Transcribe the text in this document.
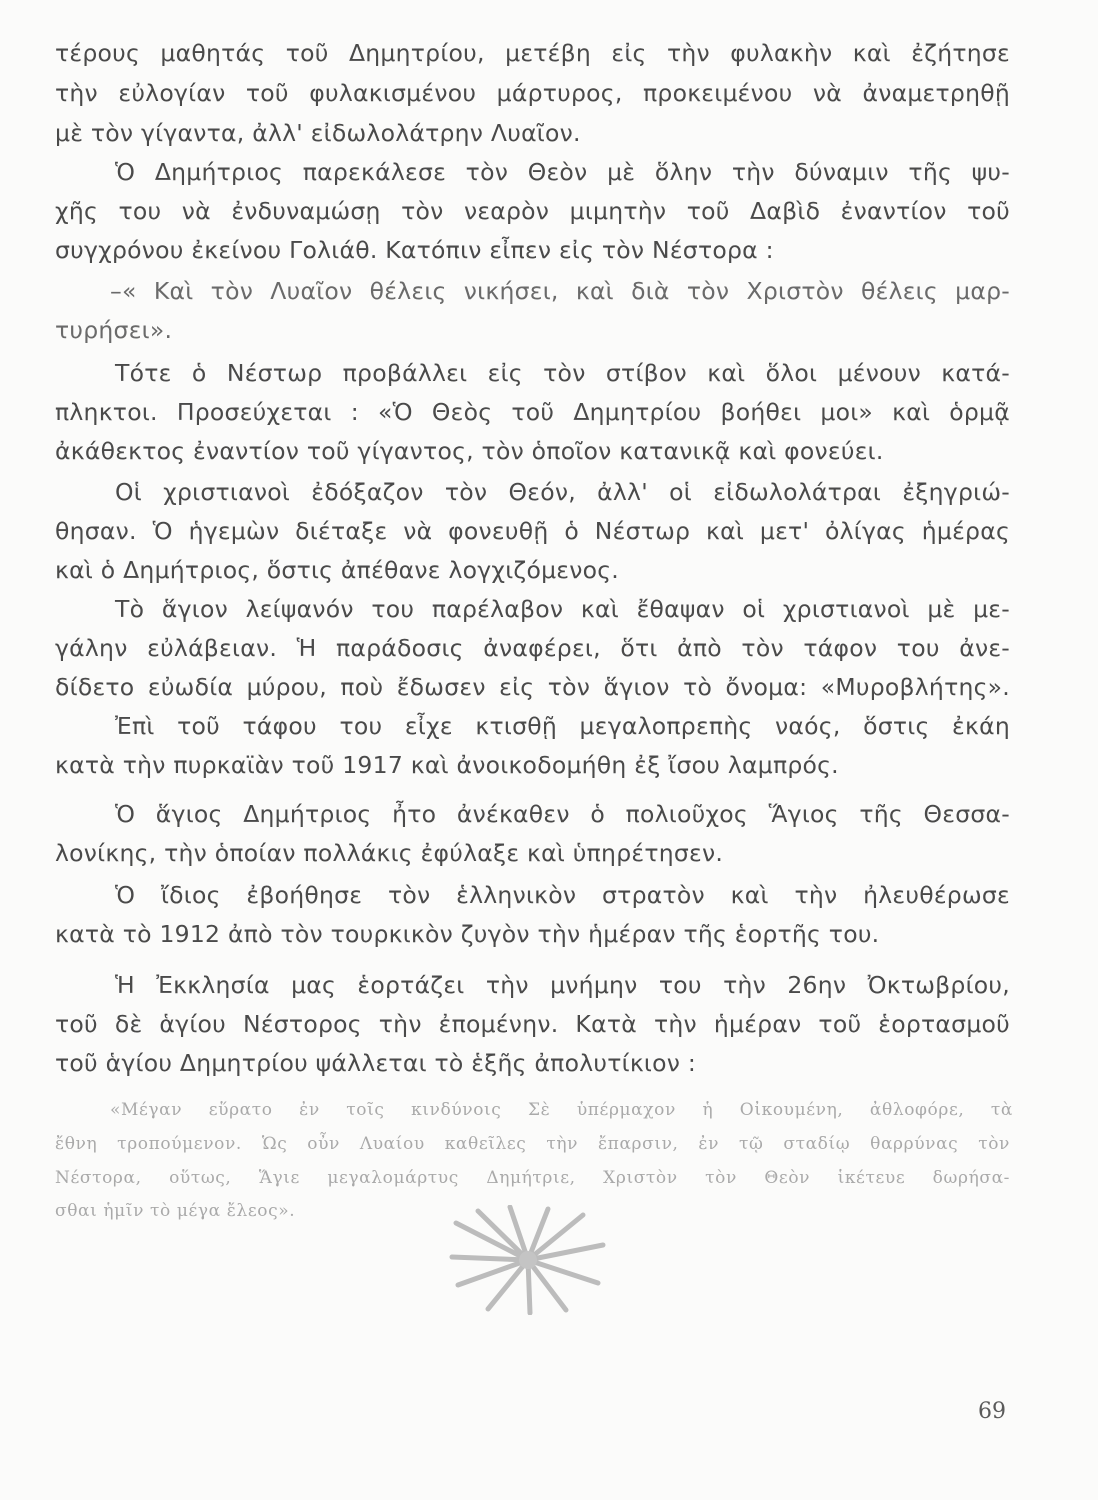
τέρους μαθητάς τοῦ Δημητρίου, μετέβη εἰς τὴν φυλακὴν καὶ ἐζήτησε
τὴν εὐλογίαν τοῦ φυλακισμένου μάρτυρος, προκειμένου νὰ ἀναμετρηθῇ
μὲ τὸν γίγαντα, ἀλλ' εἰδωλολάτρην Λυαῖον.
Ὁ Δημήτριος παρεκάλεσε τὸν Θεὸν μὲ ὅλην τὴν δύναμιν τῆς ψυ-
χῆς του νὰ ἐνδυναμώσῃ τὸν νεαρὸν μιμητὴν τοῦ Δαβὶδ ἐναντίον τοῦ
συγχρόνου ἐκείνου Γολιάθ. Κατόπιν εἶπεν εἰς τὸν Νέστορα :
–« Καὶ τὸν Λυαῖον θέλεις νικήσει, καὶ διὰ τὸν Χριστὸν θέλεις μαρ-
τυρήσει».
Τότε ὁ Νέστωρ προβάλλει εἰς τὸν στίβον καὶ ὅλοι μένουν κατά-
πληκτοι. Προσεύχεται : «Ὁ Θεὸς τοῦ Δημητρίου βοήθει μοι» καὶ ὁρμᾷ
ἀκάθεκτος ἐναντίον τοῦ γίγαντος, τὸν ὁποῖον κατανικᾷ καὶ φονεύει.
Οἱ χριστιανοὶ ἐδόξαζον τὸν Θεόν, ἀλλ' οἱ εἰδωλολάτραι ἐξηγριώ-
θησαν. Ὁ ἡγεμὼν διέταξε νὰ φονευθῇ ὁ Νέστωρ καὶ μετ' ὀλίγας ἡμέρας
καὶ ὁ Δημήτριος, ὅστις ἀπέθανε λογχιζόμενος.
Τὸ ἅγιον λείψανόν του παρέλαβον καὶ ἔθαψαν οἱ χριστιανοὶ μὲ με-
γάλην εὐλάβειαν. Ἡ παράδοσις ἀναφέρει, ὅτι ἀπὸ τὸν τάφον του ἀνε-
δίδετο εὐωδία μύρου, ποὺ ἔδωσεν εἰς τὸν ἅγιον τὸ ὄνομα: «Μυροβλήτης».
Ἐπὶ τοῦ τάφου του εἶχε κτισθῇ μεγαλοπρεπὴς ναός, ὅστις ἐκάη
κατὰ τὴν πυρκαϊὰν τοῦ 1917 καὶ ἀνοικοδομήθη ἐξ ἴσου λαμπρός.
Ὁ ἅγιος Δημήτριος ἦτο ἀνέκαθεν ὁ πολιοῦχος Ἅγιος τῆς Θεσσα-
λονίκης, τὴν ὁποίαν πολλάκις ἐφύλαξε καὶ ὑπηρέτησεν.
Ὁ ἴδιος ἐβοήθησε τὸν ἑλληνικὸν στρατὸν καὶ τὴν ἠλευθέρωσε
κατὰ τὸ 1912 ἀπὸ τὸν τουρκικὸν ζυγὸν τὴν ἡμέραν τῆς ἑορτῆς του.
Ἡ Ἐκκλησία μας ἑορτάζει τὴν μνήμην του τὴν 26ην Ὀκτωβρίου,
τοῦ δὲ ἁγίου Νέστορος τὴν ἐπομένην. Κατὰ τὴν ἡμέραν τοῦ ἑορτασμοῦ
τοῦ ἁγίου Δημητρίου ψάλλεται τὸ ἑξῆς ἀπολυτίκιον :
«Μέγαν εὕρατο ἐν τοῖς κινδύνοις Σὲ ὑπέρμαχον ἡ Οἰκουμένη, ἀθλοφόρε, τὰ
ἔθνη τροπούμενον. Ὡς οὖν Λυαίου καθεῖλες τὴν ἔπαρσιν, ἐν τῷ σταδίῳ θαρρύνας τὸν
Νέστορα, οὕτως, Ἅγιε μεγαλομάρτυς Δημήτριε, Χριστὸν τὸν Θεὸν ἱκέτευε δωρήσα-
σθαι ἡμῖν τὸ μέγα ἔλεος».
69
